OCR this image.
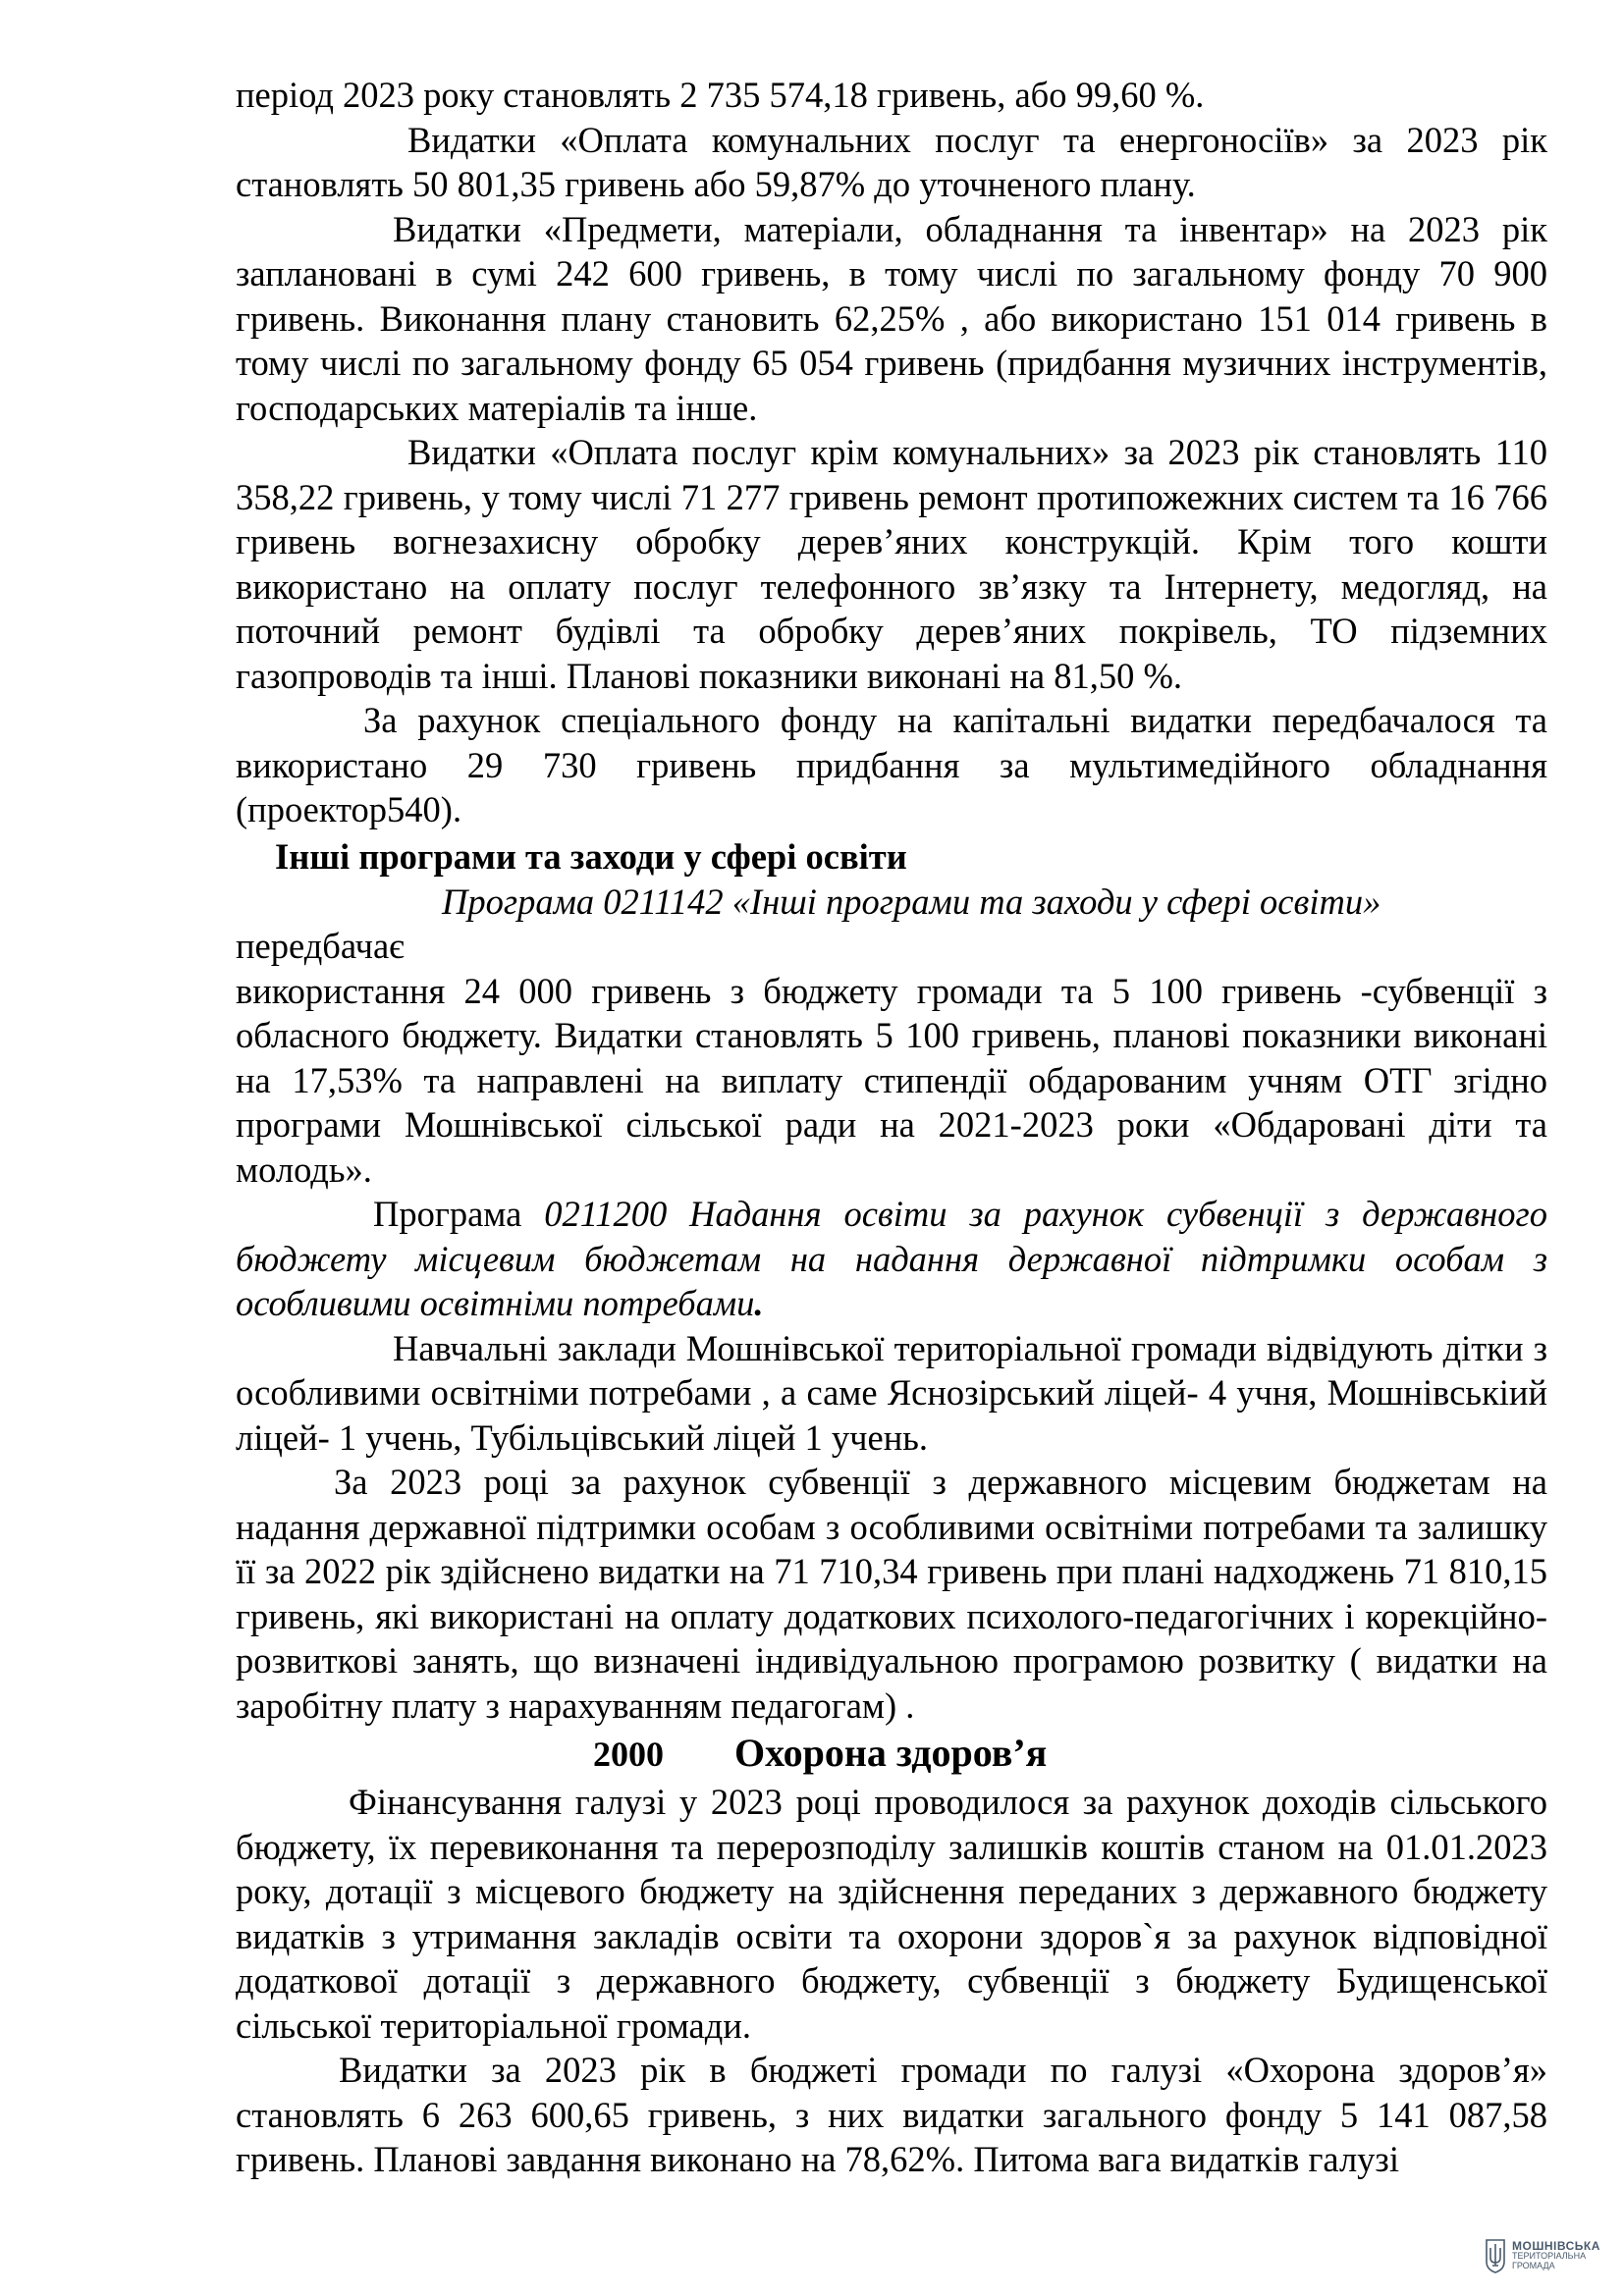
період 2023 року становлять 2 735 574,18 гривень, або 99,60 %.

Видатки «Оплата комунальних послуг та енергоносіїв» за 2023 рік становлять 50 801,35 гривень або 59,87% до уточненого плану.

Видатки «Предмети, матеріали, обладнання та інвентар» на 2023 рік заплановані в сумі 242 600 гривень, в тому числі по загальному фонду 70 900 гривень. Виконання плану становить 62,25% , або використано 151 014 гривень в тому числі по загальному фонду 65 054 гривень (придбання музичних інструментів, господарських матеріалів та інше.

Видатки «Оплата послуг крім комунальних» за 2023 рік становлять 110 358,22 гривень, у тому числі 71 277 гривень ремонт протипожежних систем та 16 766 гривень вогнезахисну обробку дерев’яних конструкцій. Крім того кошти використано на оплату послуг телефонного зв’язку та Інтернету, медогляд, на поточний ремонт будівлі та обробку дерев’яних покрівель, ТО підземних газопроводів та інші. Планові показники виконані на 81,50 %.

За рахунок спеціального фонду на капітальні видатки передбачалося та використано 29 730 гривень придбання за мультимедійного обладнання (проектор540).

Інші програми та заходи у сфері освіти

Програма 0211142 «Інші програми та заходи у сфері освіти»
передбачає

використання 24 000 гривень з бюджету громади та 5 100 гривень -субвенції з обласного бюджету. Видатки становлять 5 100 гривень, планові показники виконані на 17,53% та направлені на виплату стипендії обдарованим учням ОТГ згідно програми Мошнівської сільської ради на 2021-2023 роки «Обдаровані діти та молодь».

Програма 0211200 Надання освіти за рахунок субвенції з державного бюджету місцевим бюджетам на надання державної підтримки особам з особливими освітніми потребами.

Навчальні заклади Мошнівської територіальної громади відвідують дітки з особливими освітніми потребами , а саме Яснозірський ліцей- 4 учня, Мошнівськіий ліцей- 1 учень, Тубільцівський ліцей 1 учень.

За 2023 році за рахунок субвенції з державного місцевим бюджетам на надання державної підтримки особам з особливими освітніми потребами та залишку її за 2022 рік здійснено видатки на 71 710,34 гривень при плані надходжень 71 810,15 гривень, які використані на оплату додаткових психолого-педагогічних і корекційно-розвиткові занять, що визначені індивідуальною програмою розвитку ( видатки на заробітну плату з нарахуванням педагогам) .

2000 Охорона здоров’я

Фінансування галузі у 2023 році проводилося за рахунок доходів сільського бюджету, їх перевиконання та перерозподілу залишків коштів станом на 01.01.2023 року, дотації з місцевого бюджету на здійснення переданих з державного бюджету видатків з утримання закладів освіти та охорони здоров`я за рахунок відповідної додаткової дотації з державного бюджету, субвенції з бюджету Будищенської сільської територіальної громади.

Видатки за 2023 рік в бюджеті громади по галузі «Охорона здоров’я» становлять 6 263 600,65 гривень, з них видатки загального фонду 5 141 087,58 гривень. Планові завдання виконано на 78,62%. Питома вага видатків галузі

МОШНІВСЬКА
ТЕРИТОРІАЛЬНА
ГРОМАДА
